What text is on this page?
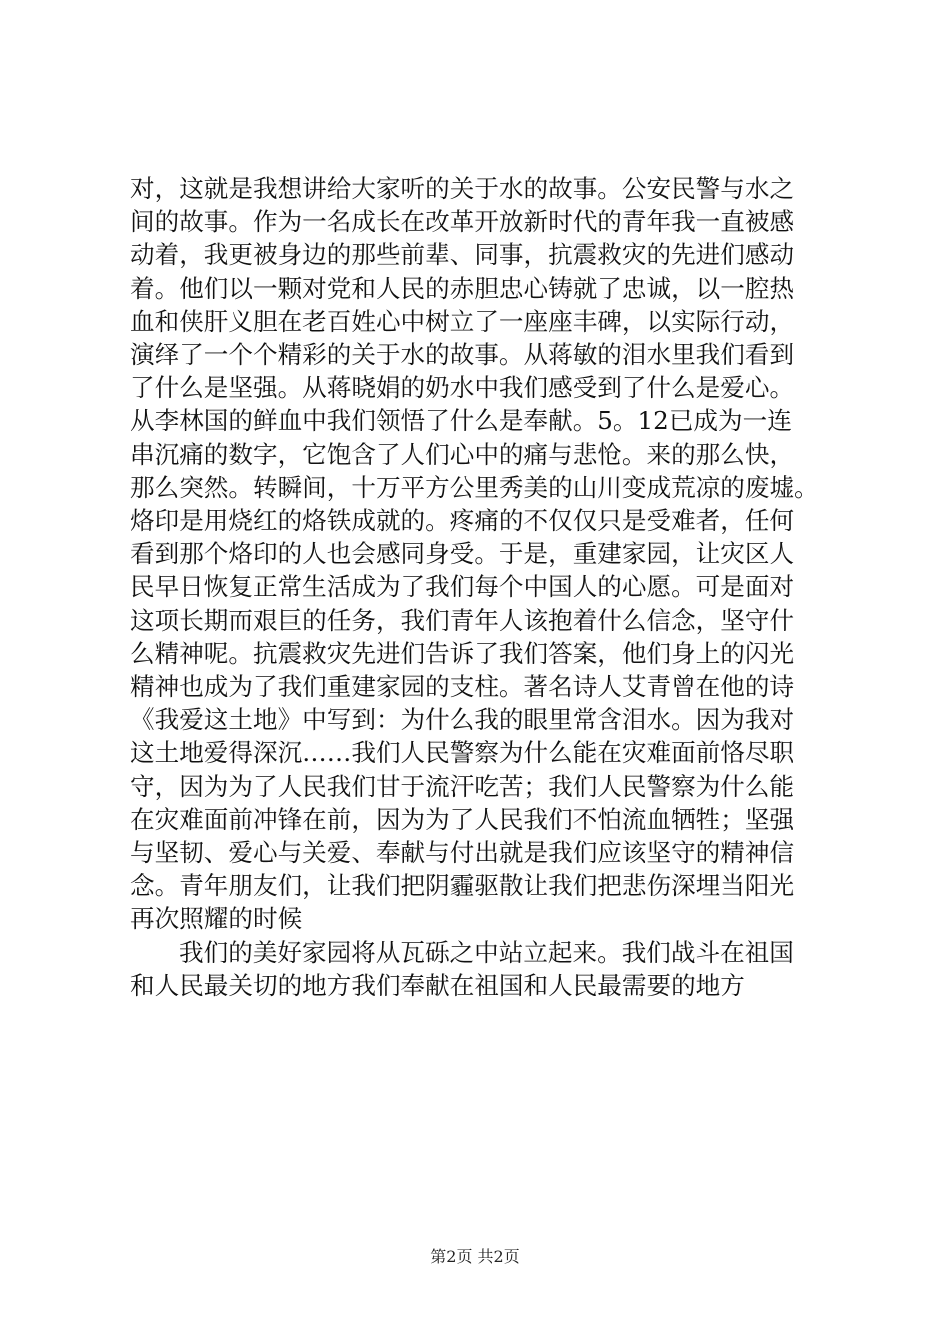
对，这就是我想讲给大家听的关于水的故事。公安民警与水之
间的故事。作为一名成长在改革开放新时代的青年我一直被感
动着，我更被身边的那些前辈、同事，抗震救灾的先进们感动
着。他们以一颗对党和人民的赤胆忠心铸就了忠诚，以一腔热
血和侠肝义胆在老百姓心中树立了一座座丰碑，以实际行动，
演绎了一个个精彩的关于水的故事。从蒋敏的泪水里我们看到
了什么是坚强。从蒋晓娟的奶水中我们感受到了什么是爱心。
从李林国的鲜血中我们领悟了什么是奉献。5。12已成为一连
串沉痛的数字，它饱含了人们心中的痛与悲怆。来的那么快，
那么突然。转瞬间，十万平方公里秀美的山川变成荒凉的废墟。
烙印是用烧红的烙铁成就的。疼痛的不仅仅只是受难者，任何
看到那个烙印的人也会感同身受。于是，重建家园，让灾区人
民早日恢复正常生活成为了我们每个中国人的心愿。可是面对
这项长期而艰巨的任务，我们青年人该抱着什么信念，坚守什
么精神呢。抗震救灾先进们告诉了我们答案，他们身上的闪光
精神也成为了我们重建家园的支柱。著名诗人艾青曾在他的诗
《我爱这土地》中写到：为什么我的眼里常含泪水。因为我对
这土地爱得深沉……我们人民警察为什么能在灾难面前恪尽职
守，因为为了人民我们甘于流汗吃苦；我们人民警察为什么能
在灾难面前冲锋在前，因为为了人民我们不怕流血牺牲；坚强
与坚韧、爱心与关爱、奉献与付出就是我们应该坚守的精神信
念。青年朋友们，让我们把阴霾驱散让我们把悲伤深埋当阳光
再次照耀的时候
我们的美好家园将从瓦砾之中站立起来。我们战斗在祖国
和人民最关切的地方我们奉献在祖国和人民最需要的地方
第2页 共2页
